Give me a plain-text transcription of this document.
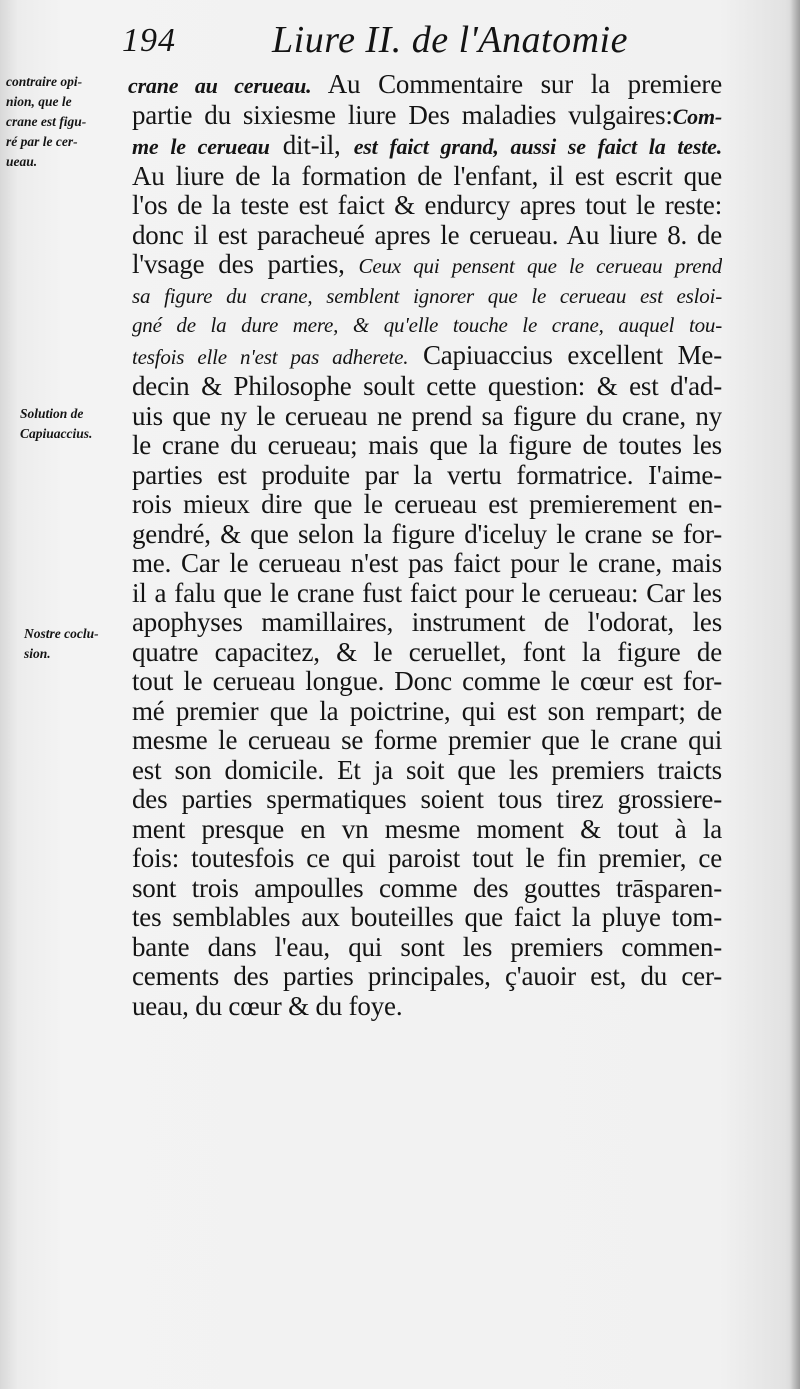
194	Liure II. de l'Anatomie
contraire opi-
nion, que le
crane est figu-
ré par le cer-
ueau.
Solution de
Capiuaccius.
Nostre coclu-
sion.
crane au cerueau. Au Commentaire sur la premiere
partie du sixiesme liure Des maladies vulgaires:Com-
me le cerueau dit-il, est faict grand, aussi se faict la teste.
Au liure de la formation de l'enfant, il est escrit que
l'os de la teste est faict & endurcy apres tout le reste:
donc il est paracheué apres le cerueau. Au liure 8. de
l'vsage des parties, Ceux qui pensent que le cerueau prend
sa figure du crane, semblent ignorer que le cerueau est esloi-
gné de la dure mere, & qu'elle touche le crane, auquel tou-
tesfois elle n'est pas adherete. Capiuaccius excellent Me-
decin & Philosophe soult cette question: & est d'ad-
uis que ny le cerueau ne prend sa figure du crane, ny
le crane du cerueau; mais que la figure de toutes les
parties est produite par la vertu formatrice. I'aime-
rois mieux dire que le cerueau est premierement en-
gendré, & que selon la figure d'iceluy le crane se for-
me. Car le cerueau n'est pas faict pour le crane, mais
il a falu que le crane fust faict pour le cerueau: Car les
apophyses mamillaires, instrument de l'odorat, les
quatre capacitez, & le ceruellet, font la figure de
tout le cerueau longue. Donc comme le cœur est for-
mé premier que la poictrine, qui est son rempart; de
mesme le cerueau se forme premier que le crane qui
est son domicile. Et ja soit que les premiers traicts
des parties spermatiques soient tous tirez grossiere-
ment presque en vn mesme moment & tout à la
fois: toutesfois ce qui paroist tout le fin premier, ce
sont trois ampoulles comme des gouttes trāsparen-
tes semblables aux bouteilles que faict la pluye tom-
bante dans l'eau, qui sont les premiers commen-
cements des parties principales, ç'auoir est, du cer-
ueau, du cœur & du foye.
